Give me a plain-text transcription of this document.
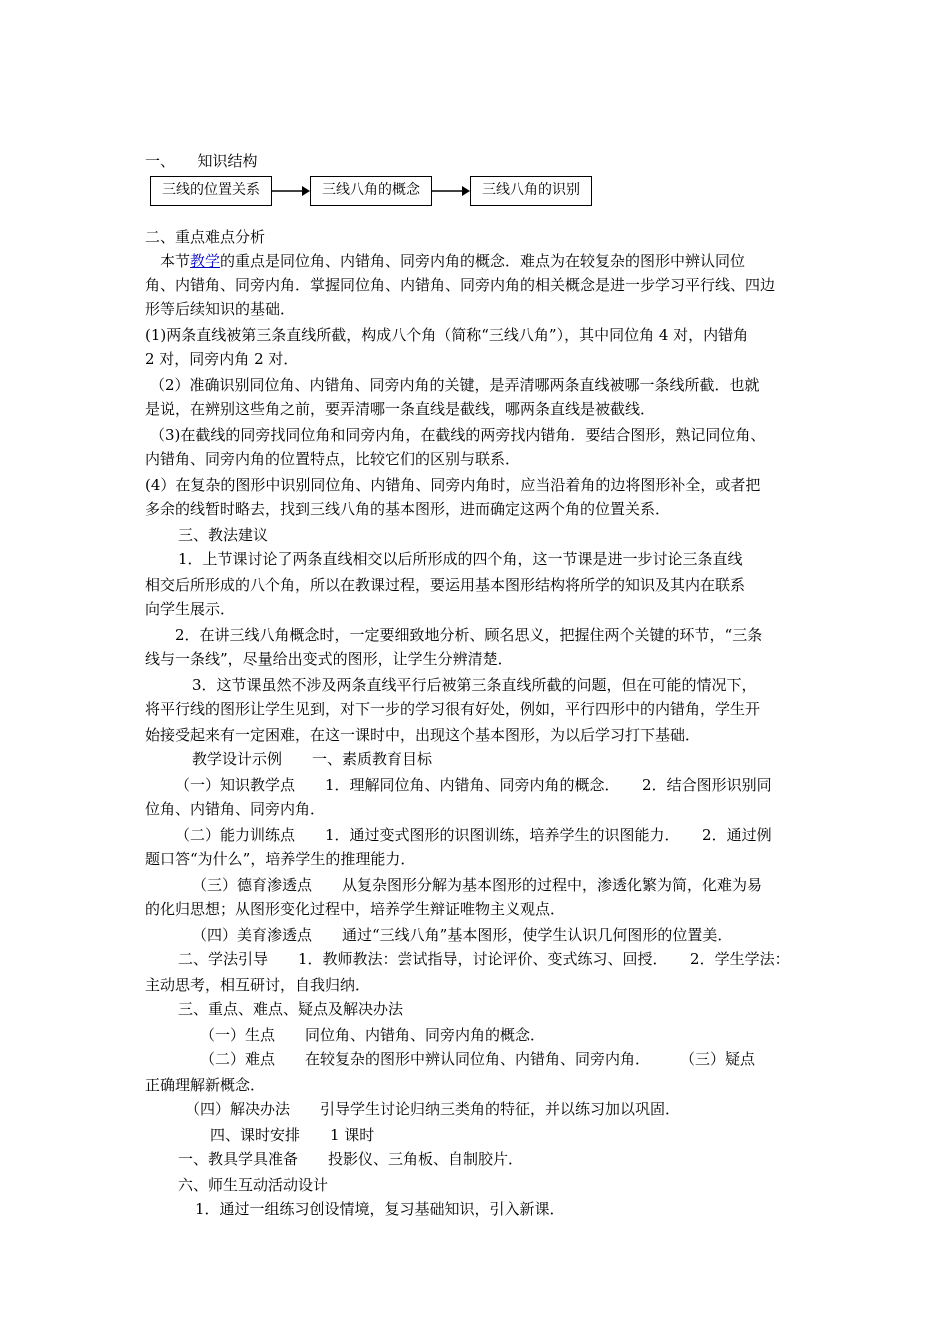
一、　　知识结构
三线的位置关系	三线八角的概念	三线八角的识别
二、重点难点分析
　本节教学的重点是同位角、内错角、同旁内角的概念．难点为在较复杂的图形中辨认同位
角、内错角、同旁内角．掌握同位角、内错角、同旁内角的相关概念是进一步学习平行线、四边
形等后续知识的基础．
(1)两条直线被第三条直线所截，构成八个角（简称“三线八角”），其中同位角 4 对，内错角
2 对，同旁内角 2 对．
（2）准确识别同位角、内错角、同旁内角的关键，是弄清哪两条直线被哪一条线所截．也就
是说，在辨别这些角之前，要弄清哪一条直线是截线，哪两条直线是被截线．
（3)在截线的同旁找同位角和同旁内角，在截线的两旁找内错角．要结合图形，熟记同位角、
内错角、同旁内角的位置特点，比较它们的区别与联系．
(4）在复杂的图形中识别同位角、内错角、同旁内角时，应当沿着角的边将图形补全，或者把
多余的线暂时略去，找到三线八角的基本图形，进而确定这两个角的位置关系．
三、教法建议
1．上节课讨论了两条直线相交以后所形成的四个角，这一节课是进一步讨论三条直线
相交后所形成的八个角，所以在教课过程，要运用基本图形结构将所学的知识及其内在联系
向学生展示．
2．在讲三线八角概念时，一定要细致地分析、顾名思义，把握住两个关键的环节，“三条
线与一条线”，尽量给出变式的图形，让学生分辨清楚．
3．这节课虽然不涉及两条直线平行后被第三条直线所截的问题，但在可能的情况下，
将平行线的图形让学生见到，对下一步的学习很有好处，例如，平行四形中的内错角，学生开
始接受起来有一定困难，在这一课时中，出现这个基本图形，为以后学习打下基础．
教学设计示例　　一、素质教育目标
（一）知识教学点　　1．理解同位角、内错角、同旁内角的概念．　　2．结合图形识别同
位角、内错角、同旁内角．
（二）能力训练点　　1．通过变式图形的识图训练，培养学生的识图能力．　　2．通过例
题口答“为什么”，培养学生的推理能力．
（三）德育渗透点　　从复杂图形分解为基本图形的过程中，渗透化繁为简，化难为易
的化归思想；从图形变化过程中，培养学生辩证唯物主义观点．
（四）美育渗透点　　通过“三线八角”基本图形，使学生认识几何图形的位置美．
二、学法引导　　1．教师教法：尝试指导，讨论评价、变式练习、回授．　　2．学生学法：
主动思考，相互研讨，自我归纳．
三、重点、难点、疑点及解决办法
（一）生点　　同位角、内错角、同旁内角的概念．
（二）难点　　在较复杂的图形中辨认同位角、内错角、同旁内角．　　　（三）疑点
正确理解新概念．
（四）解决办法　　引导学生讨论归纳三类角的特征，并以练习加以巩固．
四、课时安排　　1 课时
一、教具学具准备　　投影仪、三角板、自制胶片．
六、师生互动活动设计
1．通过一组练习创设情境，复习基础知识，引入新课．
